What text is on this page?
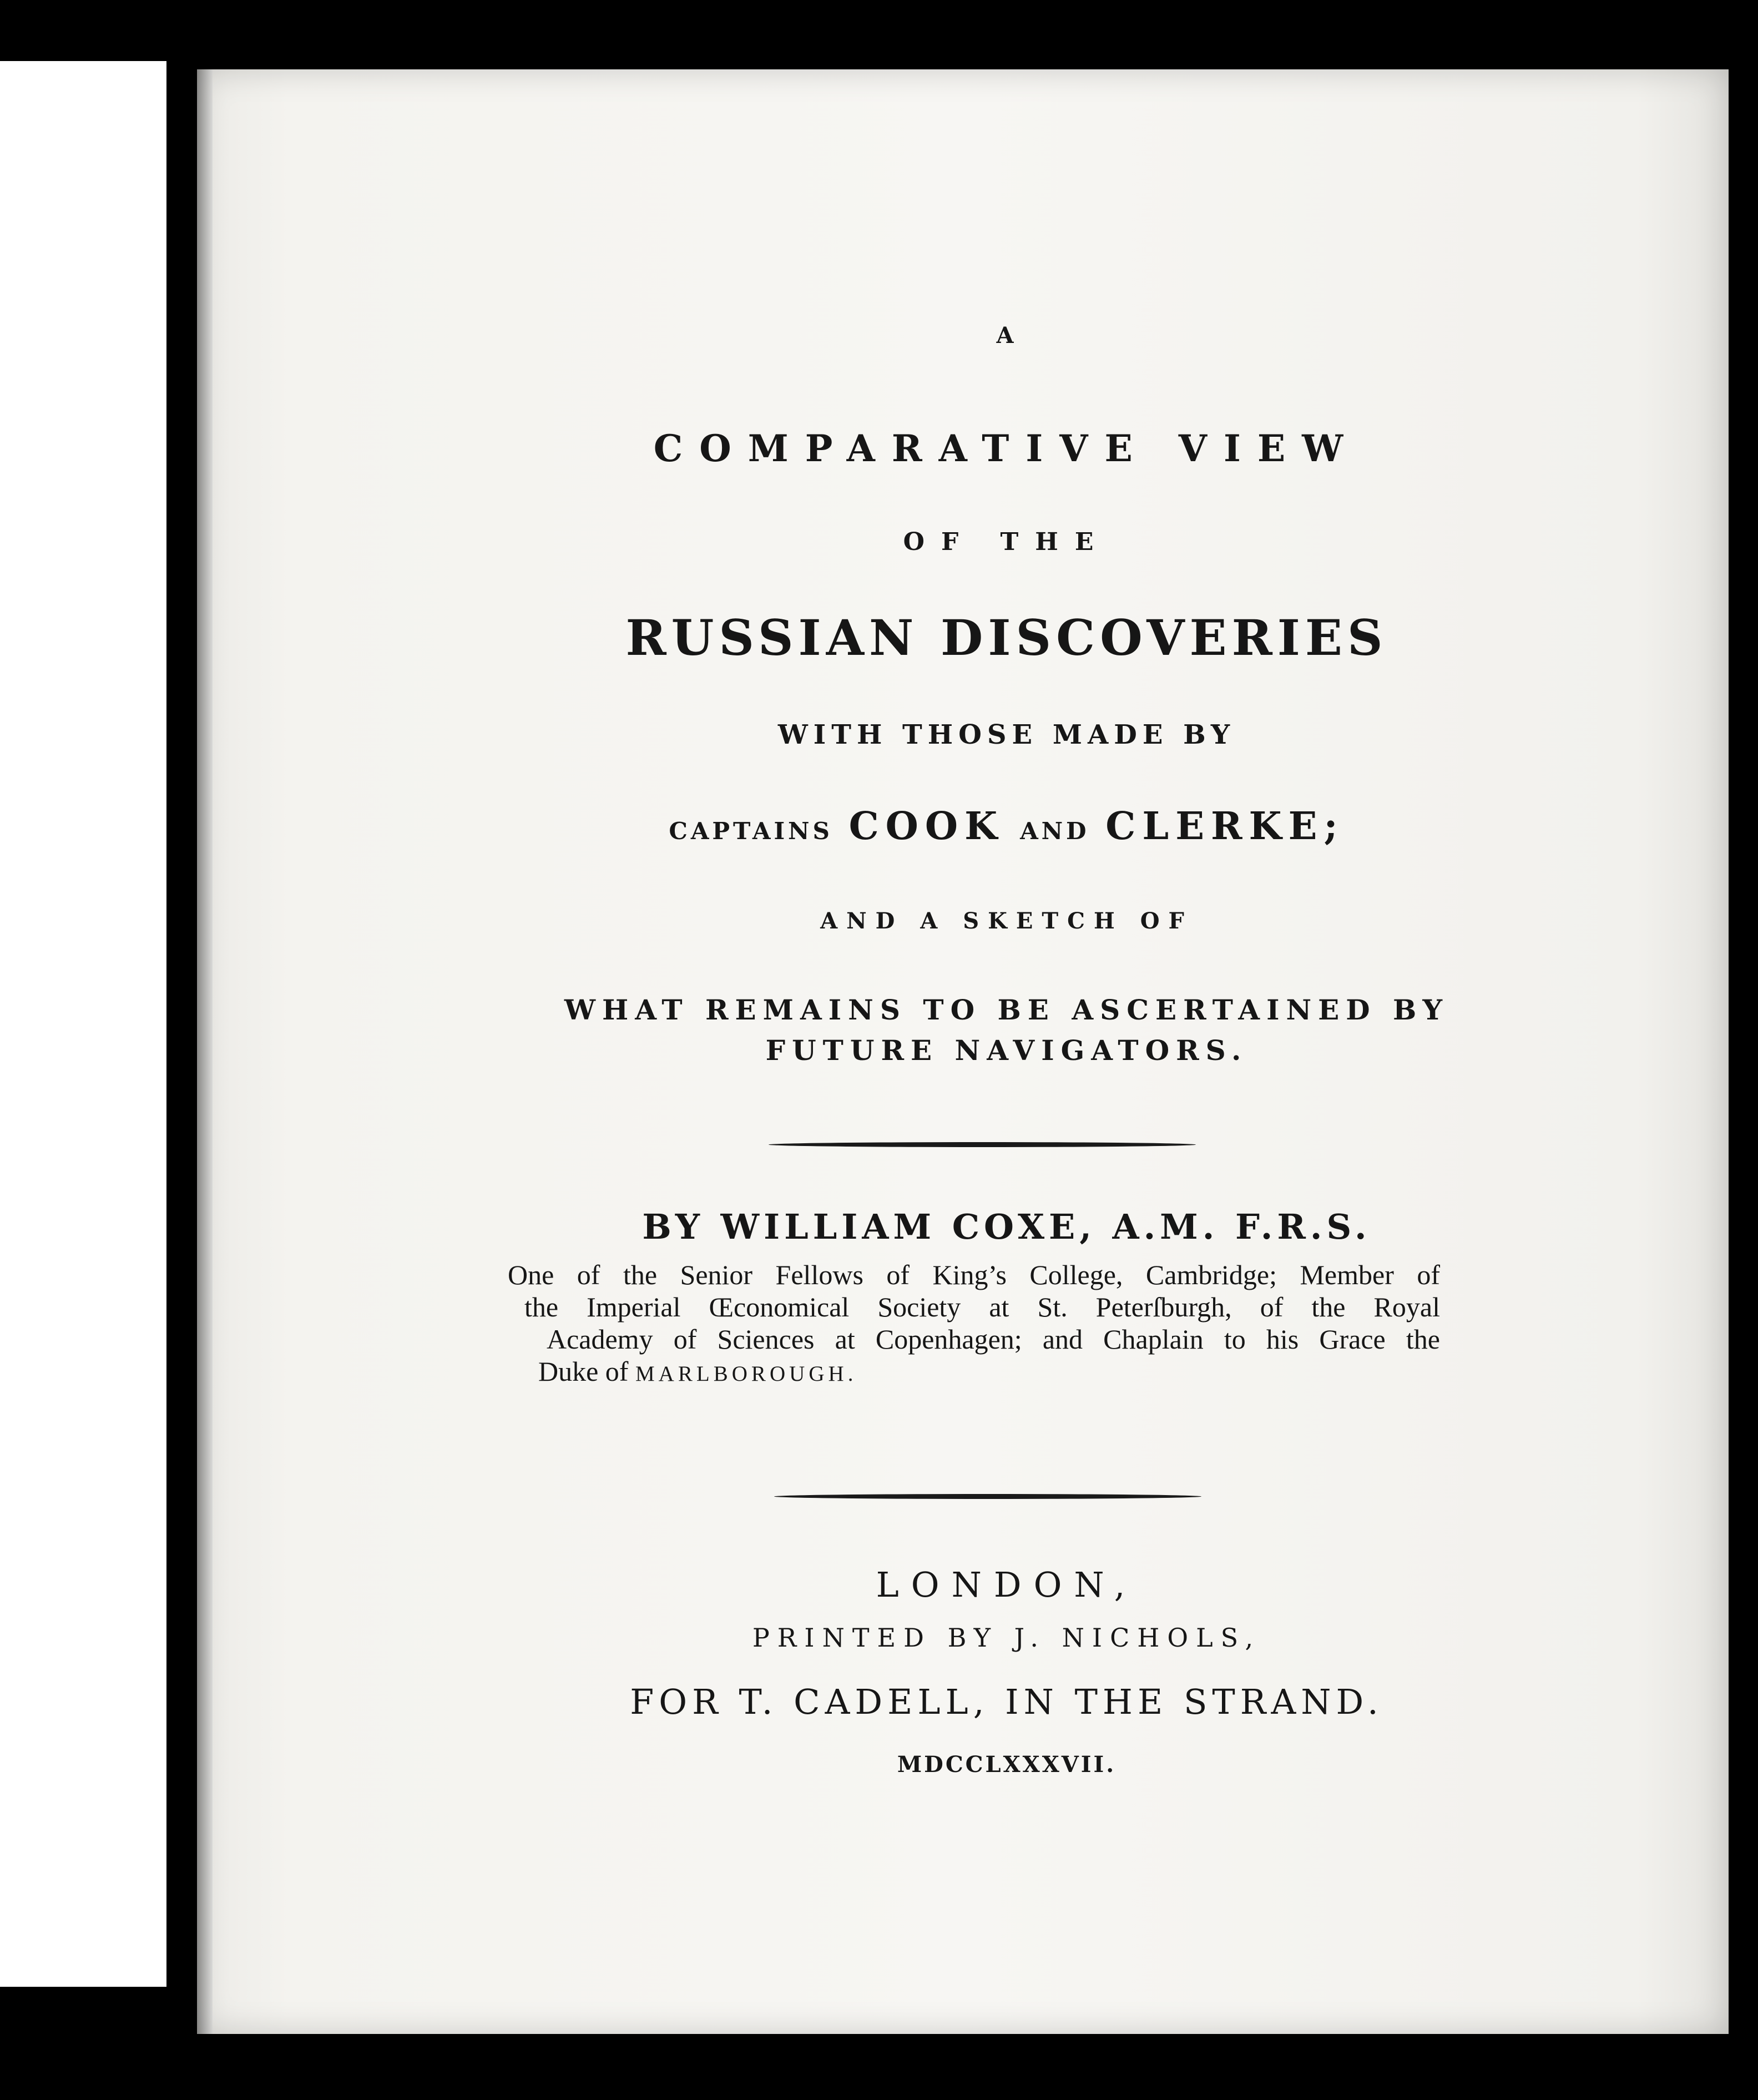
A
COMPARATIVE VIEW
OF THE
RUSSIAN DISCOVERIES
WITH THOSE MADE BY
CAPTAINS COOK AND CLERKE;
AND A SKETCH OF
WHAT REMAINS TO BE ASCERTAINED BY
FUTURE NAVIGATORS.
BY WILLIAM COXE, A.M. F.R.S.
One of the Senior Fellows of King’s College, Cambridge; Member of
the Imperial Œconomical Society at St. Peterſburgh, of the Royal
Academy of Sciences at Copenhagen; and Chaplain to his Grace the
Duke of MARLBOROUGH.
LONDON,
PRINTED BY J. NICHOLS,
FOR T. CADELL, IN THE STRAND.
MDCCLXXXVII.
